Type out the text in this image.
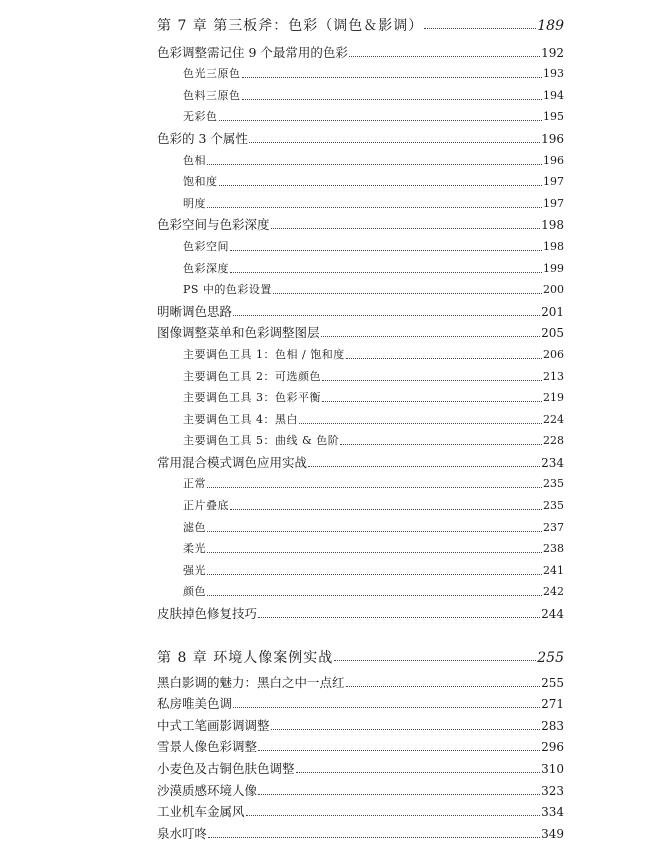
第 7 章 第三板斧：色彩（调色＆影调）	189
色彩调整需记住 9 个最常用的色彩	192
色光三原色	193
色料三原色	194
无彩色	195
色彩的 3 个属性	196
色相	196
饱和度	197
明度	197
色彩空间与色彩深度	198
色彩空间	198
色彩深度	199
PS 中的色彩设置	200
明晰调色思路	201
图像调整菜单和色彩调整图层	205
主要调色工具 1：色相 / 饱和度	206
主要调色工具 2：可选颜色	213
主要调色工具 3：色彩平衡	219
主要调色工具 4：黑白	224
主要调色工具 5：曲线 & 色阶	228
常用混合模式调色应用实战	234
正常	235
正片叠底	235
滤色	237
柔光	238
强光	241
颜色	242
皮肤掉色修复技巧	244
第 8 章 环境人像案例实战	255
黑白影调的魅力：黑白之中一点红	255
私房唯美色调	271
中式工笔画影调调整	283
雪景人像色彩调整	296
小麦色及古铜色肤色调整	310
沙漠质感环境人像	323
工业机车金属风	334
泉水叮咚	349
